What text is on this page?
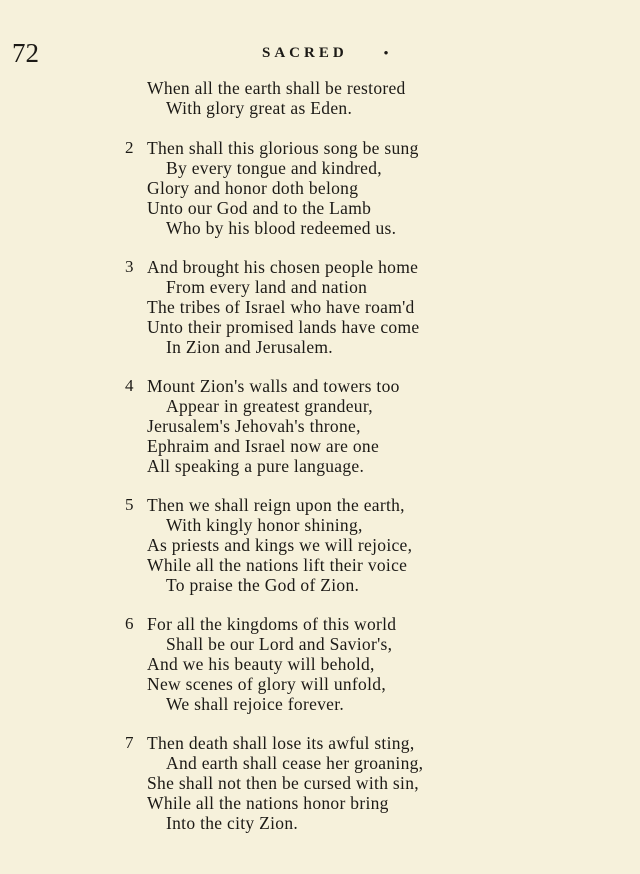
72	SACRED	•
When all the earth shall be restored
With glory great as Eden.
2 Then shall this glorious song be sung
By every tongue and kindred,
Glory and honor doth belong
Unto our God and to the Lamb
Who by his blood redeemed us.
3 And brought his chosen people home
From every land and nation
The tribes of Israel who have roam'd
Unto their promised lands have come
In Zion and Jerusalem.
4 Mount Zion's walls and towers too
Appear in greatest grandeur,
Jerusalem's Jehovah's throne,
Ephraim and Israel now are one
All speaking a pure language.
5 Then we shall reign upon the earth,
With kingly honor shining,
As priests and kings we will rejoice,
While all the nations lift their voice
To praise the God of Zion.
6 For all the kingdoms of this world
Shall be our Lord and Savior's,
And we his beauty will behold,
New scenes of glory will unfold,
We shall rejoice forever.
7 Then death shall lose its awful sting,
And earth shall cease her groaning,
She shall not then be cursed with sin,
While all the nations honor bring
Into the city Zion.
